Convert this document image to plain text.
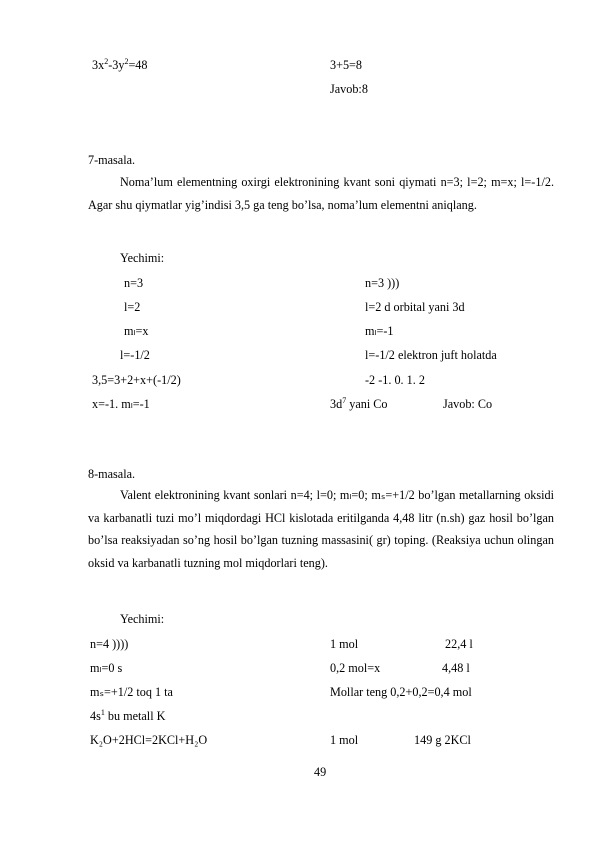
$3x^2-3y^2=48$	3+5=8
Javob:8
7-masala.
Noma’lum elementning oxirgi elektronining kvant soni qiymati n=3; l=2; m=x; l=-1/2. Agar shu qiymatlar yig’indisi 3,5 ga teng bo’lsa, noma’lum elementni aniqlang.
Yechimi:
n=3
l=2
mₗ=x
l=-1/2
3,5=3+2+x+(-1/2)
x=-1. mₗ=-1
n=3 )))
l=2 d orbital yani 3d
mₗ=-1
l=-1/2 elektron juft holatda
-2 -1. 0. 1. 2
$3d^7$ yani Co	Javob: Co
8-masala.
Valent elektronining kvant sonlari n=4; l=0; mₗ=0; mₛ=+1/2 bo’lgan metallarning oksidi va karbanatli tuzi mo’l miqdordagi HCl kislotada eritilganda 4,48 litr (n.sh) gaz hosil bo’lgan bo’lsa reaksiyadan so’ng hosil bo’lgan tuzning massasini( gr) toping. (Reaksiya uchun olingan oksid va karbanatli tuzning mol miqdorlari teng).
Yechimi:
n=4 ))))
mₗ=0 s
mₛ=+1/2 toq 1 ta
$4s^1$ bu metall K
K₂O+2HCl=2KCl+H₂O
1 mol
0,2 mol=x
Mollar teng 0,2+0,2=0,4 mol
1 mol
22,4 l
4,48 l
149 g 2KCl
49
